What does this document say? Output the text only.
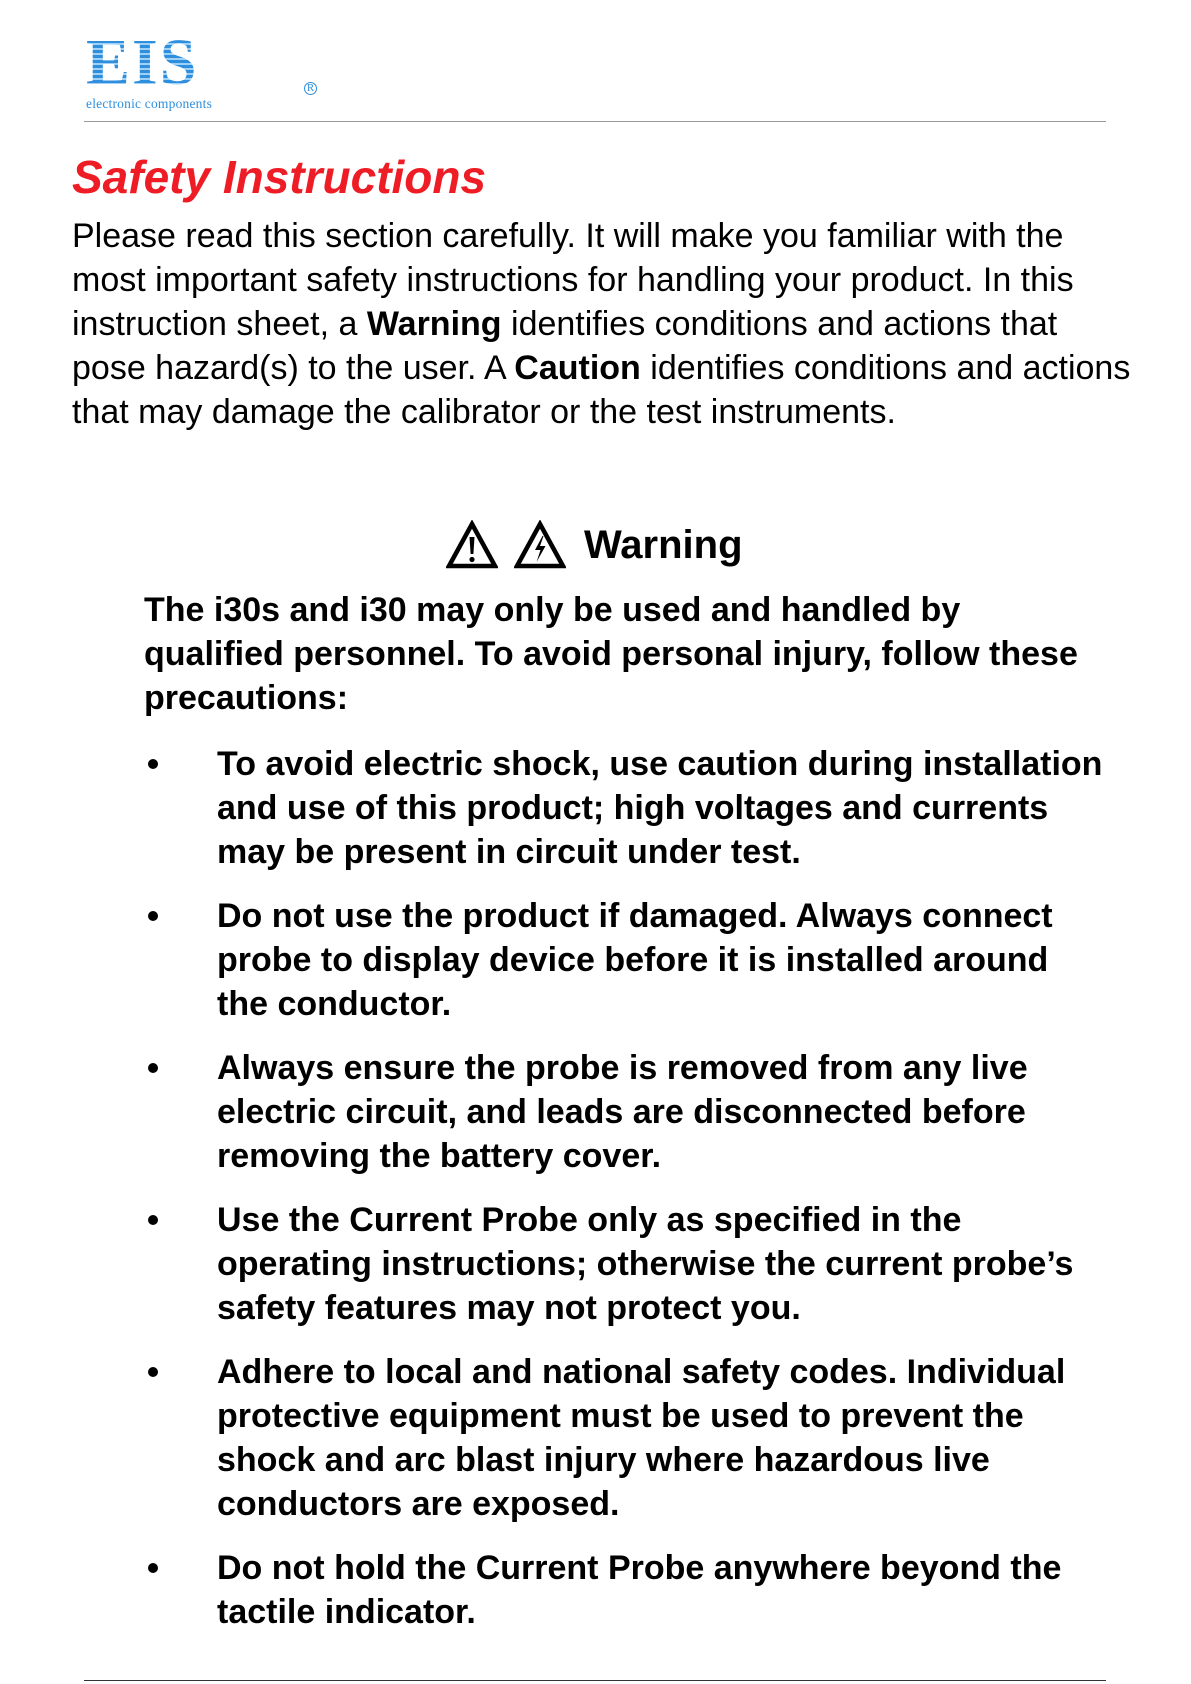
EIS	R
electronic components
Safety Instructions

Please read this section carefully. It will make you familiar with the most important safety instructions for handling your product. In this instruction sheet, a Warning identifies conditions and actions that pose hazard(s) to the user. A Caution identifies conditions and actions that may damage the calibrator or the test instruments.

Warning

The i30s and i30 may only be used and handled by qualified personnel. To avoid personal injury, follow these precautions:

To avoid electric shock, use caution during installation and use of this product; high voltages and currents may be present in circuit under test.
Do not use the product if damaged. Always connect probe to display device before it is installed around the conductor.
Always ensure the probe is removed from any live electric circuit, and leads are disconnected before removing the battery cover.
Use the Current Probe only as specified in the operating instructions; otherwise the current probe’s safety features may not protect you.
Adhere to local and national safety codes. Individual protective equipment must be used to prevent the shock and arc blast injury where hazardous live conductors are exposed.
Do not hold the Current Probe anywhere beyond the tactile indicator.
